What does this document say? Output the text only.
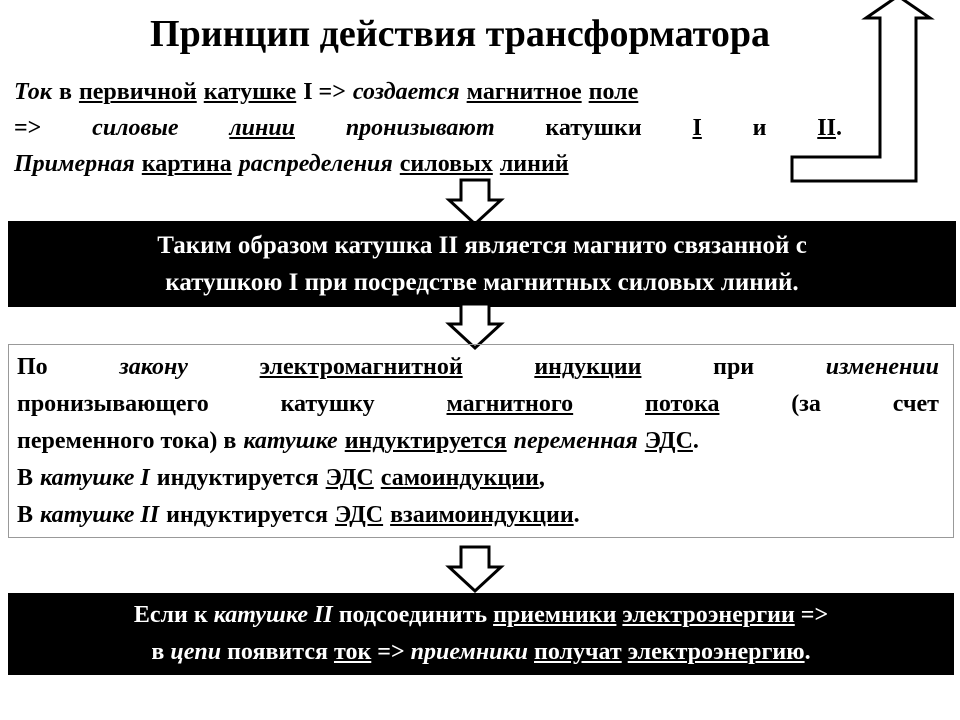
Принцип действия трансформатора
Ток в первичной катушке I => создается магнитное поле
=> силовые линии пронизывают катушки I и II.
Примерная картина распределения силовых линий
Таким образом катушка II является магнито связанной с
катушкою I при посредстве магнитных силовых линий.
По	закону	электромагнитной	индукции	при	изменении
пронизывающего	катушку	магнитного	потока	(за	счет
переменного тока) в катушке индуктируется переменная ЭДС .
В катушке I индуктируется ЭДС самоиндукции ,
В катушке II индуктируется ЭДС взаимоиндукции .
Если к катушке II подсоединить приемники электроэнергии =>
в цепи появится ток => приемники получат электроэнергию.
